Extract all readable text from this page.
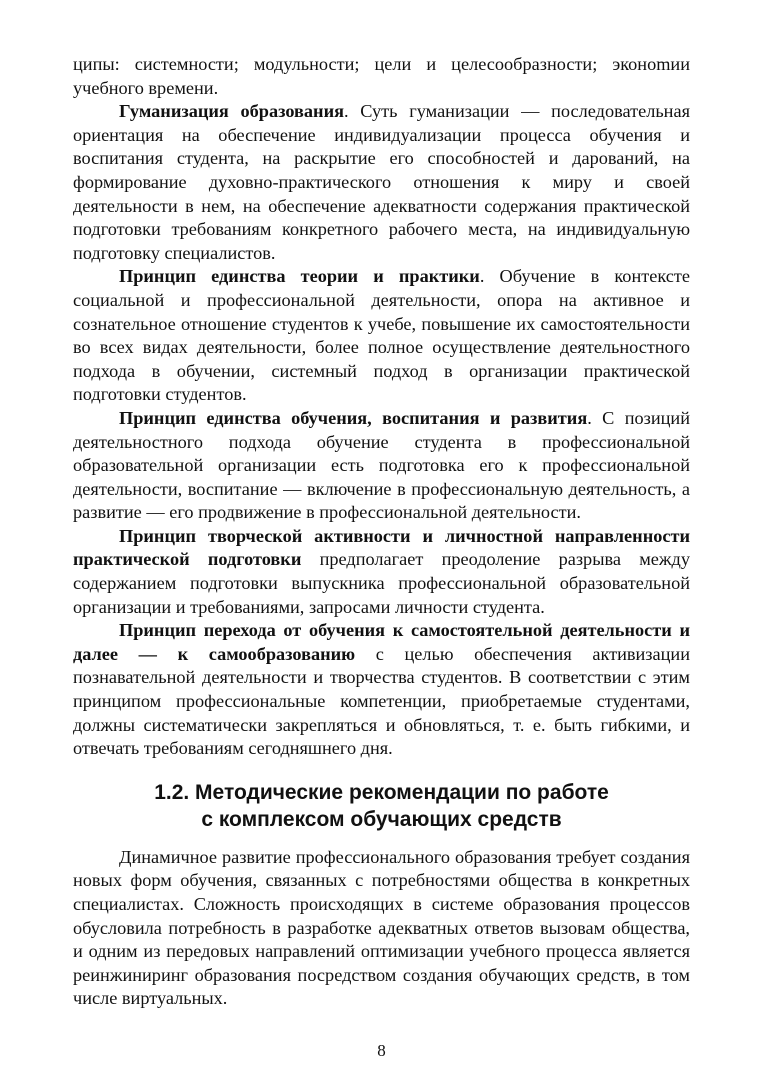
ципы: системности; модульности; цели и целесообразности; эконоmии учебного времени.

Гуманизация образования. Суть гуманизации — последовательная ориентация на обеспечение индивидуализации процесса обучения и воспитания студента, на раскрытие его способностей и дарований, на формирование духовно-практического отношения к миру и своей деятельности в нем, на обеспечение адекватности содержания практической подготовки требованиям конкретного рабочего места, на индивидуальную подготовку специалистов.

Принцип единства теории и практики. Обучение в контексте социальной и профессиональной деятельности, опора на активное и сознательное отношение студентов к учебе, повышение их самостоятельности во всех видах деятельности, более полное осуществление деятельностного подхода в обучении, системный подход в организации практической подготовки студентов.

Принцип единства обучения, воспитания и развития. С позиций деятельностного подхода обучение студента в профессиональной образовательной организации есть подготовка его к профессиональной деятельности, воспитание — включение в профессиональную деятельность, а развитие — его продвижение в профессиональной деятельности.

Принцип творческой активности и личностной направленности практической подготовки предполагает преодоление разрыва между содержанием подготовки выпускника профессиональной образовательной организации и требованиями, запросами личности студента.

Принцип перехода от обучения к самостоятельной деятельности и далее — к самообразованию с целью обеспечения активизации познавательной деятельности и творчества студентов. В соответствии с этим принципом профессиональные компетенции, приобретаемые студентами, должны систематически закрепляться и обновляться, т. е. быть гибкими, и отвечать требованиям сегодняшнего дня.

1.2. Методические рекомендации по работе
с комплексом обучающих средств

Динамичное развитие профессионального образования требует создания новых форм обучения, связанных с потребностями общества в конкретных специалистах. Сложность происходящих в системе образования процессов обусловила потребность в разработке адекватных ответов вызовам общества, и одним из передовых направлений оптимизации учебного процесса является реинжиниринг образования посредством создания обучающих средств, в том числе виртуальных.

8
